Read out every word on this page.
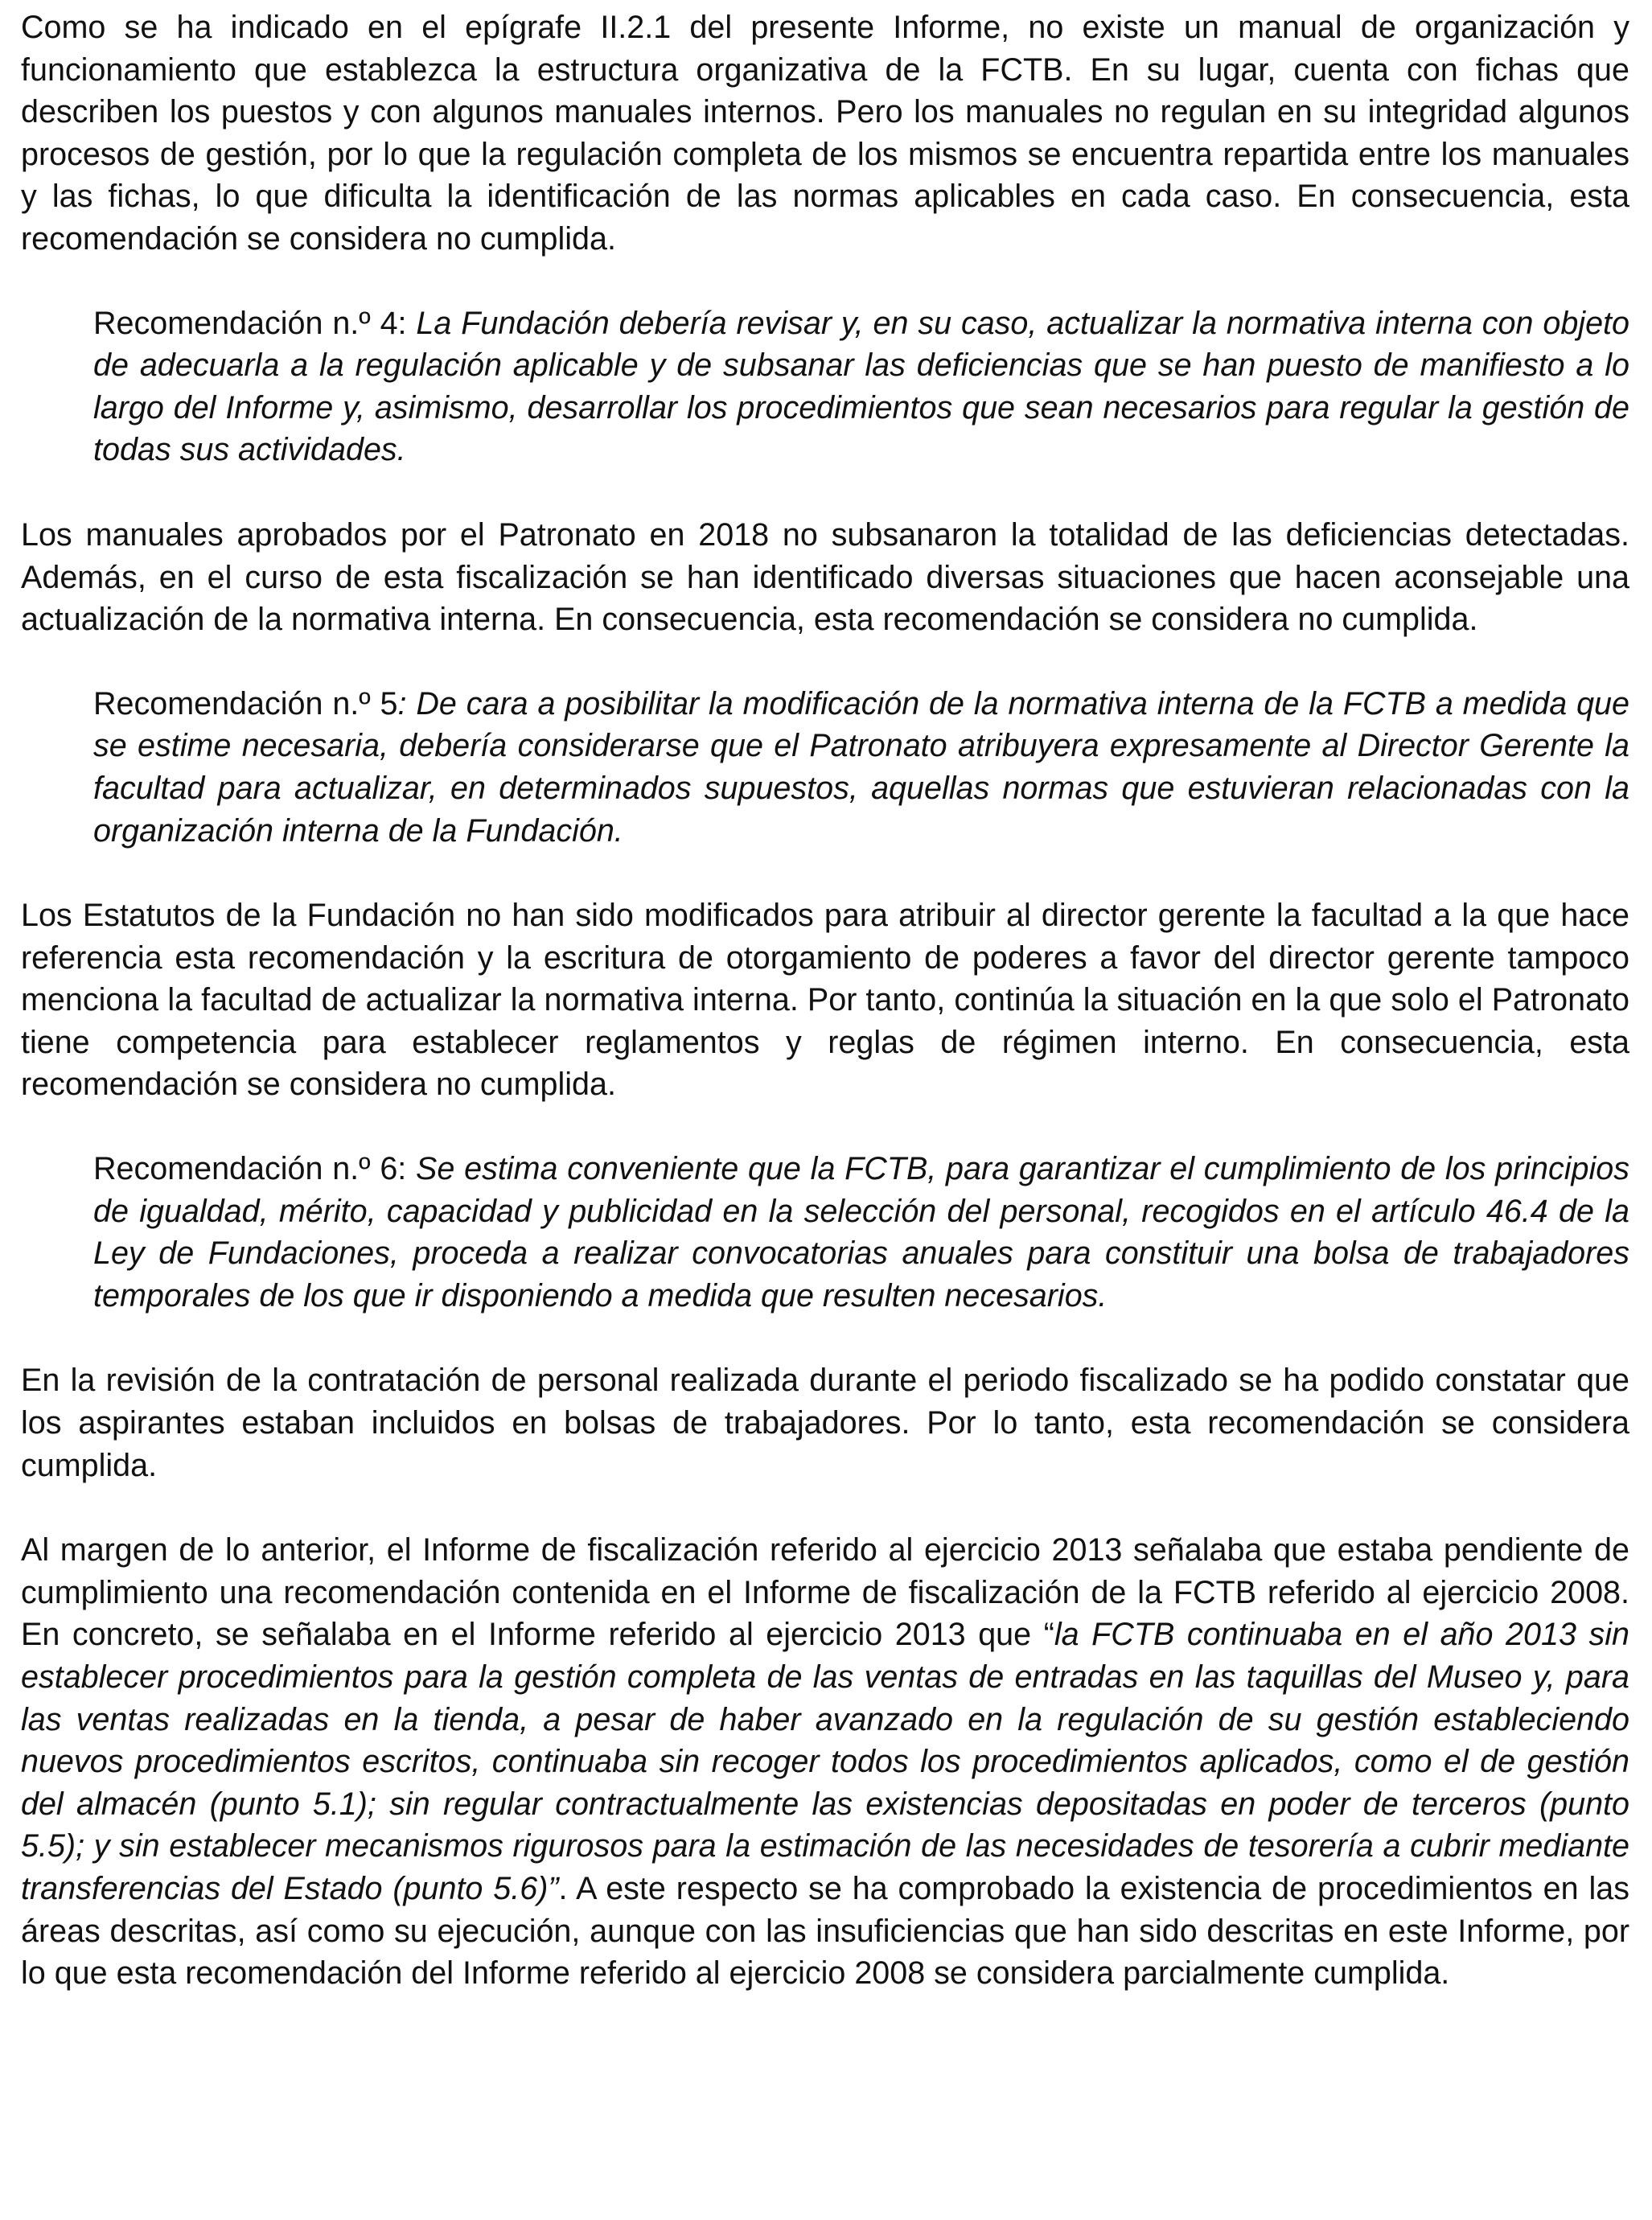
Como se ha indicado en el epígrafe II.2.1 del presente Informe, no existe un manual de organización y funcionamiento que establezca la estructura organizativa de la FCTB. En su lugar, cuenta con fichas que describen los puestos y con algunos manuales internos. Pero los manuales no regulan en su integridad algunos procesos de gestión, por lo que la regulación completa de los mismos se encuentra repartida entre los manuales y las fichas, lo que dificulta la identificación de las normas aplicables en cada caso. En consecuencia, esta recomendación se considera no cumplida.

Recomendación n.º 4: La Fundación debería revisar y, en su caso, actualizar la normativa interna con objeto de adecuarla a la regulación aplicable y de subsanar las deficiencias que se han puesto de manifiesto a lo largo del Informe y, asimismo, desarrollar los procedimientos que sean necesarios para regular la gestión de todas sus actividades.

Los manuales aprobados por el Patronato en 2018 no subsanaron la totalidad de las deficiencias detectadas. Además, en el curso de esta fiscalización se han identificado diversas situaciones que hacen aconsejable una actualización de la normativa interna. En consecuencia, esta recomendación se considera no cumplida.

Recomendación n.º 5: De cara a posibilitar la modificación de la normativa interna de la FCTB a medida que se estime necesaria, debería considerarse que el Patronato atribuyera expresamente al Director Gerente la facultad para actualizar, en determinados supuestos, aquellas normas que estuvieran relacionadas con la organización interna de la Fundación.

Los Estatutos de la Fundación no han sido modificados para atribuir al director gerente la facultad a la que hace referencia esta recomendación y la escritura de otorgamiento de poderes a favor del director gerente tampoco menciona la facultad de actualizar la normativa interna. Por tanto, continúa la situación en la que solo el Patronato tiene competencia para establecer reglamentos y reglas de régimen interno. En consecuencia, esta recomendación se considera no cumplida.

Recomendación n.º 6: Se estima conveniente que la FCTB, para garantizar el cumplimiento de los principios de igualdad, mérito, capacidad y publicidad en la selección del personal, recogidos en el artículo 46.4 de la Ley de Fundaciones, proceda a realizar convocatorias anuales para constituir una bolsa de trabajadores temporales de los que ir disponiendo a medida que resulten necesarios.

En la revisión de la contratación de personal realizada durante el periodo fiscalizado se ha podido constatar que los aspirantes estaban incluidos en bolsas de trabajadores. Por lo tanto, esta recomendación se considera cumplida.

Al margen de lo anterior, el Informe de fiscalización referido al ejercicio 2013 señalaba que estaba pendiente de cumplimiento una recomendación contenida en el Informe de fiscalización de la FCTB referido al ejercicio 2008. En concreto, se señalaba en el Informe referido al ejercicio 2013 que “la FCTB continuaba en el año 2013 sin establecer procedimientos para la gestión completa de las ventas de entradas en las taquillas del Museo y, para las ventas realizadas en la tienda, a pesar de haber avanzado en la regulación de su gestión estableciendo nuevos procedimientos escritos, continuaba sin recoger todos los procedimientos aplicados, como el de gestión del almacén (punto 5.1); sin regular contractualmente las existencias depositadas en poder de terceros (punto 5.5); y sin establecer mecanismos rigurosos para la estimación de las necesidades de tesorería a cubrir mediante transferencias del Estado (punto 5.6)”. A este respecto se ha comprobado la existencia de procedimientos en las áreas descritas, así como su ejecución, aunque con las insuficiencias que han sido descritas en este Informe, por lo que esta recomendación del Informe referido al ejercicio 2008 se considera parcialmente cumplida.
